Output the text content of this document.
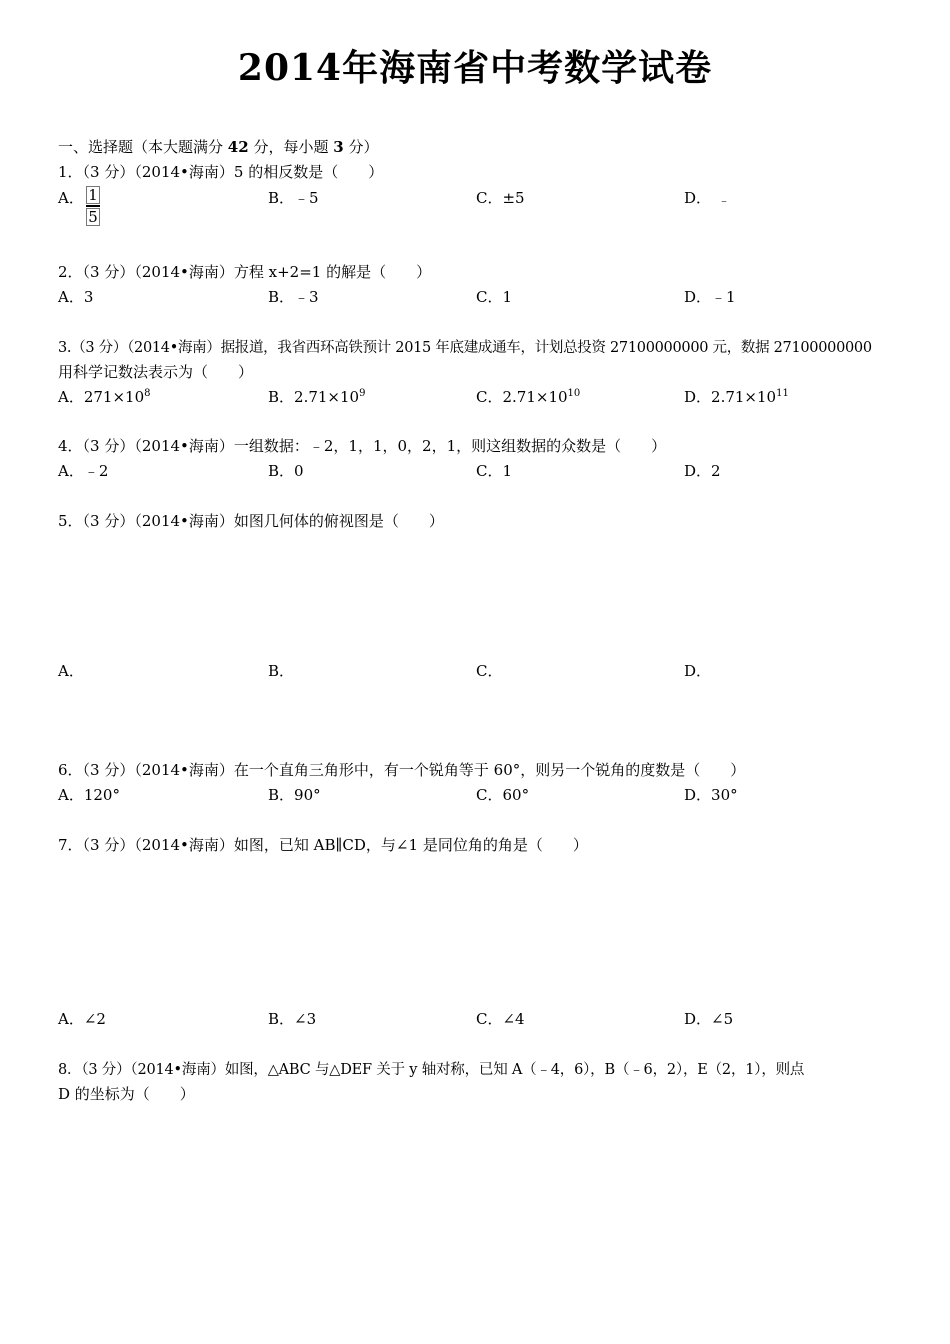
2014年海南省中考数学试卷
一、选择题（本大题满分 42 分，每小题 3 分）
1．（3 分）（2014•海南）5 的相反数是（　　）
A． $\frac{1}{5}$	B．﹣5	C．±5	D． ﹣
2．（3 分）（2014•海南）方程 x+2=1 的解是（　　）
A．3	B．﹣3	C．1	D．﹣1
3.（3 分）（2014•海南）据报道，我省西环高铁预计 2015 年底建成通车，计划总投资 27100000000 元，数据 27100000000
用科学记数法表示为（　　）
A．$271\times 10^8$	B．$2.71\times 10^9$	C．$2.71\times 10^{10}$	D．$2.71\times 10^{11}$
4．（3 分）（2014•海南）一组数据：﹣2，1，1，0，2，1，则这组数据的众数是（　　）
A．﹣2	B．0	C．1	D．2
5．（3 分）（2014•海南）如图几何体的俯视图是（　　）
A．	B．	C．	D．
6．（3 分）（2014•海南）在一个直角三角形中，有一个锐角等于 60°，则另一个锐角的度数是（　　）
A．120°	B．90°	C．60°	D．30°
7．（3 分）（2014•海南）如图，已知 AB∥CD，与∠1 是同位角的角是（　　）
A．∠2	B．∠3	C．∠4	D．∠5
8．（3 分）（2014•海南）如图，△ABC 与△DEF 关于 y 轴对称，已知 A（﹣4，6），B（﹣6，2），E（2，1），则点
D 的坐标为（　　）
